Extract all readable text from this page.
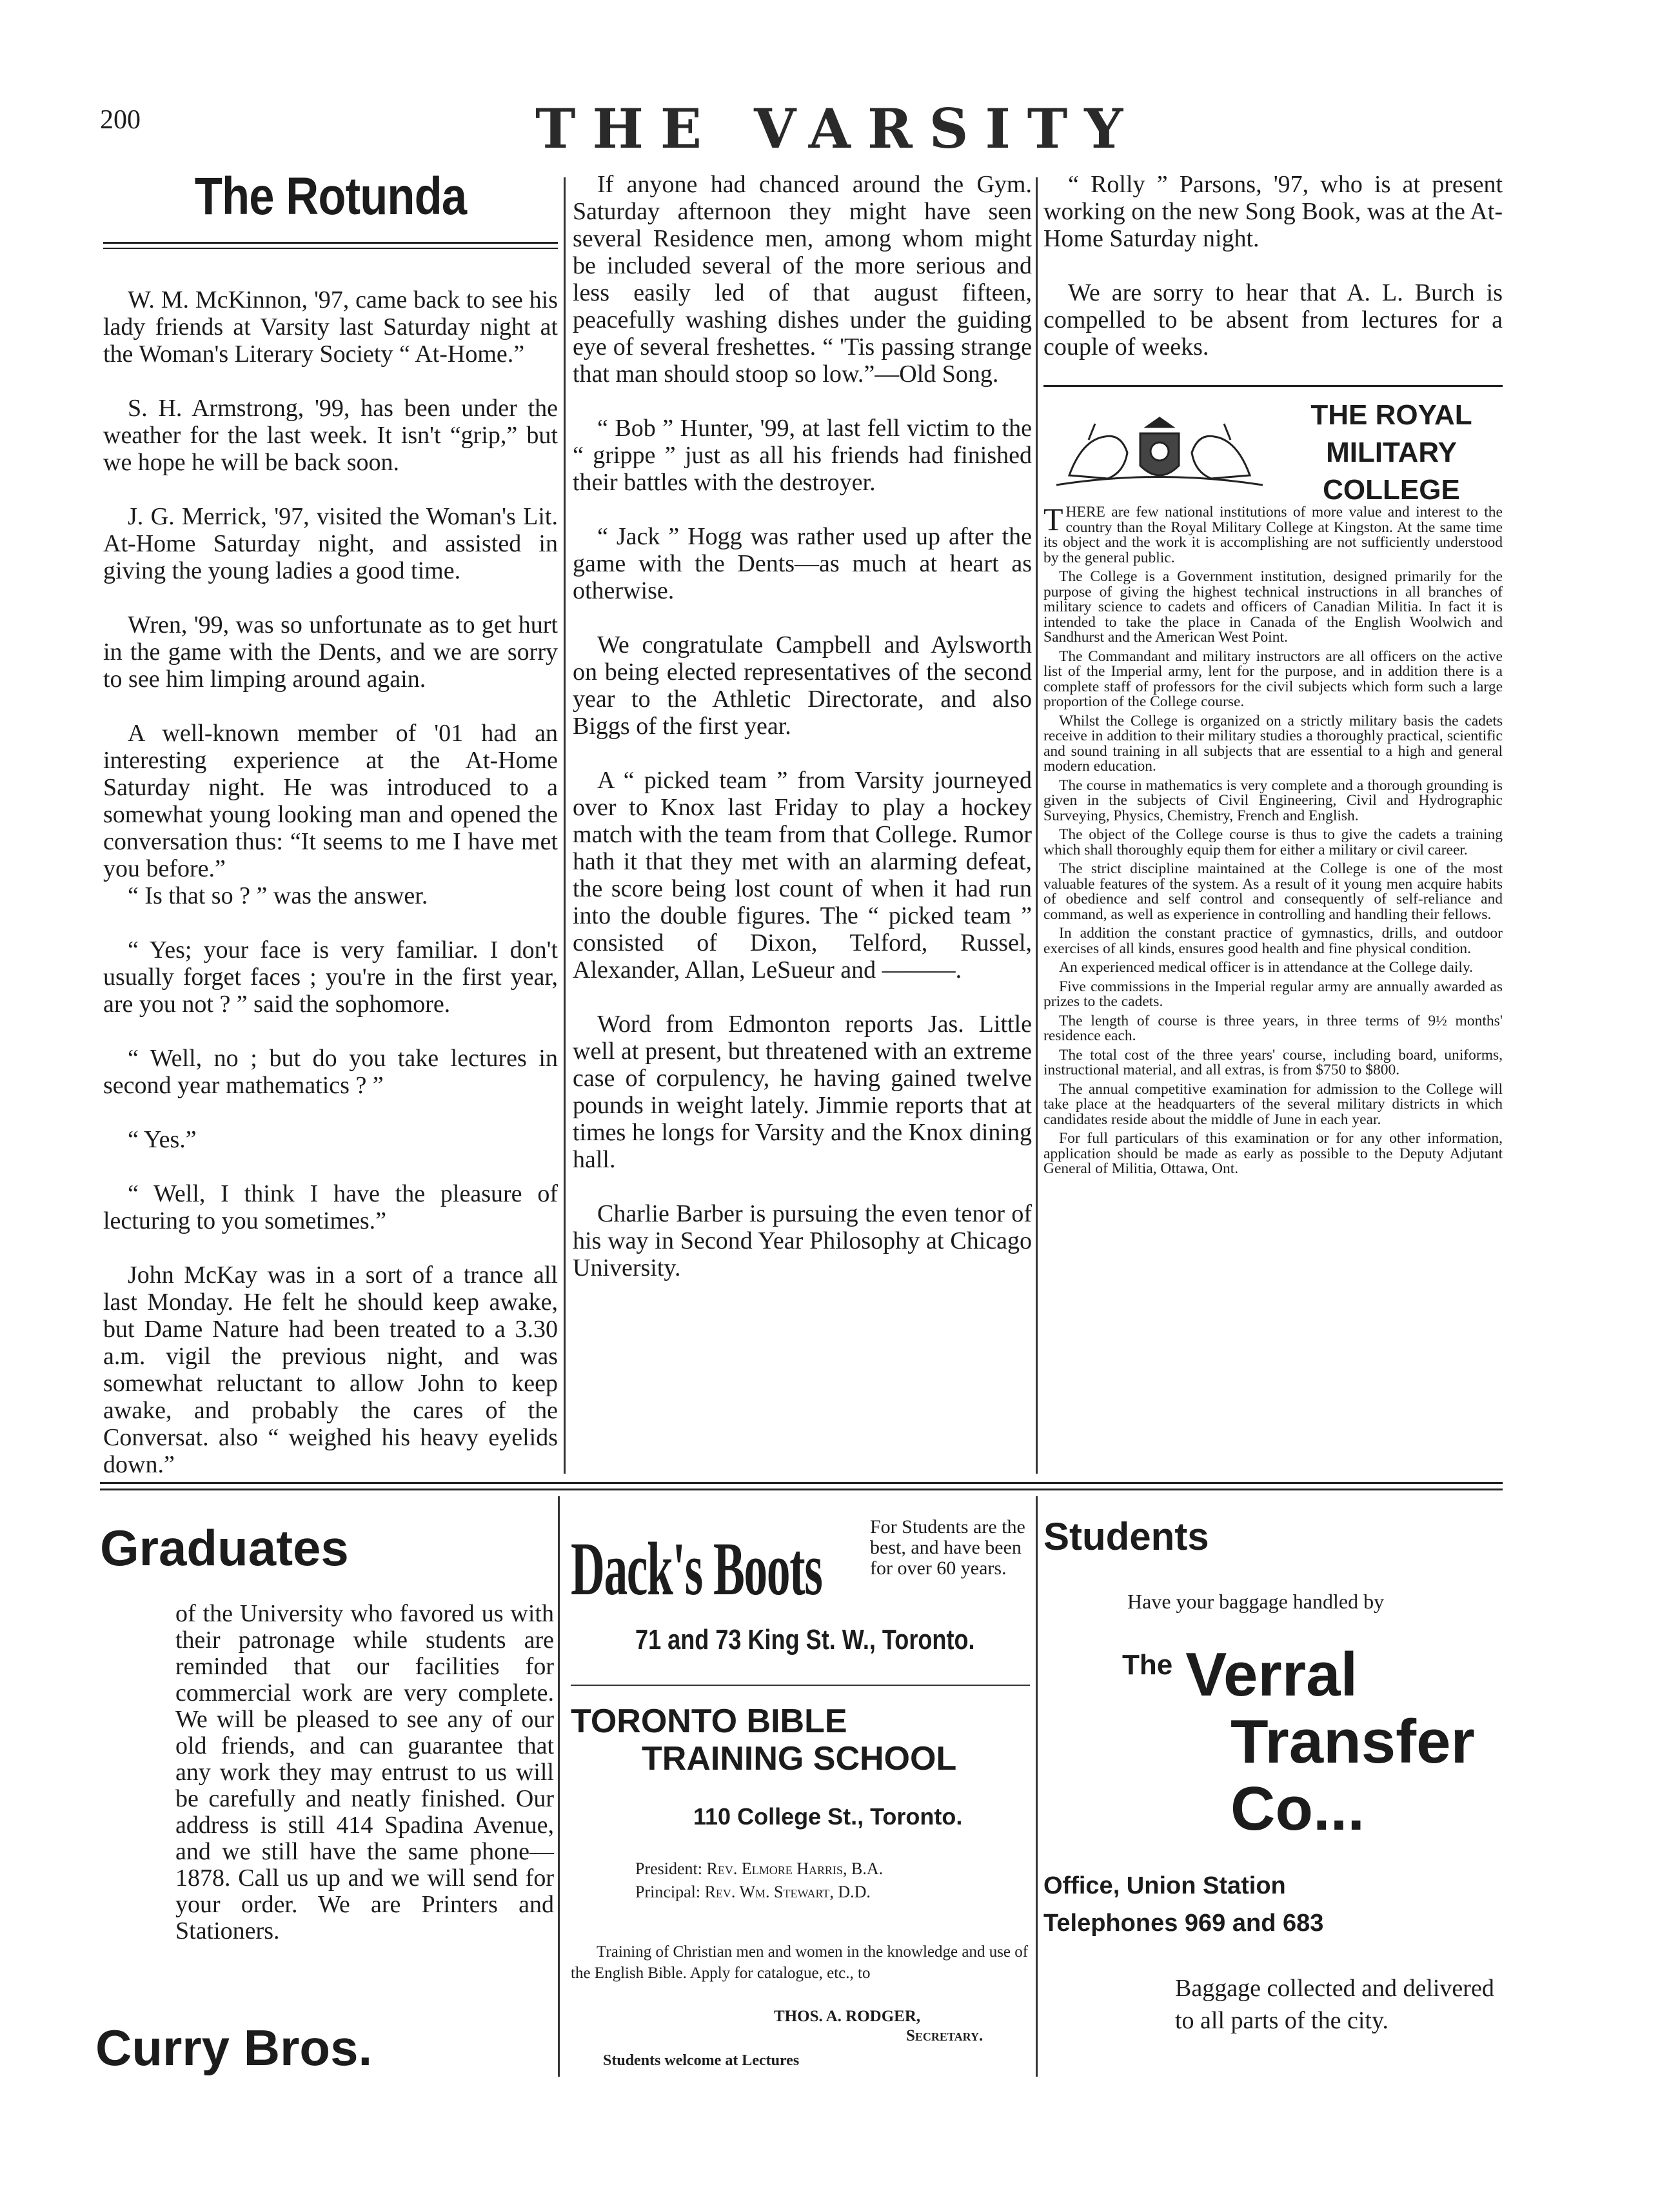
200	THE VARSITY
The Rotunda

W. M. McKinnon, '97, came back to see his lady friends at Varsity last Saturday night at the Woman's Literary Society “ At-Home.”

S. H. Armstrong, '99, has been under the weather for the last week. It isn't “grip,” but we hope he will be back soon.

J. G. Merrick, '97, visited the Woman's Lit. At-Home Saturday night, and assisted in giving the young ladies a good time.

Wren, '99, was so unfortunate as to get hurt in the game with the Dents, and we are sorry to see him limping around again.

A well-known member of '01 had an interesting experience at the At-Home Saturday night. He was introduced to a somewhat young looking man and opened the conversation thus: “It seems to me I have met you before.”

“ Is that so ? ” was the answer.

“ Yes; your face is very familiar. I don't usually forget faces ; you're in the first year, are you not ? ” said the sophomore.

“ Well, no ; but do you take lectures in second year mathematics ? ”

“ Yes.”

“ Well, I think I have the pleasure of lecturing to you sometimes.”

John McKay was in a sort of a trance all last Monday. He felt he should keep awake, but Dame Nature had been treated to a 3.30 a.m. vigil the previous night, and was somewhat reluctant to allow John to keep awake, and probably the cares of the Conversat. also “ weighed his heavy eyelids down.”

If anyone had chanced around the Gym. Saturday afternoon they might have seen several Residence men, among whom might be included several of the more serious and less easily led of that august fifteen, peacefully washing dishes under the guiding eye of several freshettes. “ 'Tis passing strange that man should stoop so low.”—Old Song.

“ Bob ” Hunter, '99, at last fell victim to the “ grippe ” just as all his friends had finished their battles with the destroyer.

“ Jack ” Hogg was rather used up after the game with the Dents—as much at heart as otherwise.

We congratulate Campbell and Aylsworth on being elected representatives of the second year to the Athletic Directorate, and also Biggs of the first year.

A “ picked team ” from Varsity journeyed over to Knox last Friday to play a hockey match with the team from that College. Rumor hath it that they met with an alarming defeat, the score being lost count of when it had run into the double figures. The “ picked team ” consisted of Dixon, Telford, Russel, Alexander, Allan, LeSueur and ———.

Word from Edmonton reports Jas. Little well at present, but threatened with an extreme case of corpulency, he having gained twelve pounds in weight lately. Jimmie reports that at times he longs for Varsity and the Knox dining hall.

Charlie Barber is pursuing the even tenor of his way in Second Year Philosophy at Chicago University.

“ Rolly ” Parsons, '97, who is at present working on the new Song Book, was at the At-Home Saturday night.

We are sorry to hear that A. L. Burch is compelled to be absent from lectures for a couple of weeks.

THE ROYAL
MILITARY COLLEGE

THERE are few national institutions of more value and interest to the country than the Royal Military College at Kingston. At the same time its object and the work it is accomplishing are not sufficiently understood by the general public.

The College is a Government institution, designed primarily for the purpose of giving the highest technical instructions in all branches of military science to cadets and officers of Canadian Militia. In fact it is intended to take the place in Canada of the English Woolwich and Sandhurst and the American West Point.

The Commandant and military instructors are all officers on the active list of the Imperial army, lent for the purpose, and in addition there is a complete staff of professors for the civil subjects which form such a large proportion of the College course.

Whilst the College is organized on a strictly military basis the cadets receive in addition to their military studies a thoroughly practical, scientific and sound training in all subjects that are essential to a high and general modern education.

The course in mathematics is very complete and a thorough grounding is given in the subjects of Civil Engineering, Civil and Hydrographic Surveying, Physics, Chemistry, French and English.

The object of the College course is thus to give the cadets a training which shall thoroughly equip them for either a military or civil career.

The strict discipline maintained at the College is one of the most valuable features of the system. As a result of it young men acquire habits of obedience and self control and consequently of self-reliance and command, as well as experience in controlling and handling their fellows.

In addition the constant practice of gymnastics, drills, and outdoor exercises of all kinds, ensures good health and fine physical condition.

An experienced medical officer is in attendance at the College daily.

Five commissions in the Imperial regular army are annually awarded as prizes to the cadets.

The length of course is three years, in three terms of 9½ months' residence each.

The total cost of the three years' course, including board, uniforms, instructional material, and all extras, is from $750 to $800.

The annual competitive examination for admission to the College will take place at the headquarters of the several military districts in which candidates reside about the middle of June in each year.

For full particulars of this examination or for any other information, application should be made as early as possible to the Deputy Adjutant General of Militia, Ottawa, Ont.

Graduates
of the University who favored us with their patronage while students are reminded that our facilities for commercial work are very complete. We will be pleased to see any of our old friends, and can guarantee that any work they may entrust to us will be carefully and neatly finished. Our address is still 414 Spadina Avenue, and we still have the same phone—1878. Call us up and we will send for your order. We are Printers and Stationers.
Curry Bros.
Dack's Boots For Students are the best, and have been for over 60 years.
71 and 73 King St. W., Toronto.
TORONTO BIBLE
TRAINING SCHOOL
110 College St., Toronto.
President: Rev. Elmore Harris, B.A.
Principal: Rev. Wm. Stewart, D.D.

Training of Christian men and women in the knowledge and use of the English Bible. Apply for catalogue, etc., to

THOS. A. RODGER,
Secretary.
Students welcome at Lectures
Students
Have your baggage handled by
The Verral
Transfer
Co...
Office, Union Station
Telephones 969 and 683
Baggage collected and delivered to all parts of the city.
